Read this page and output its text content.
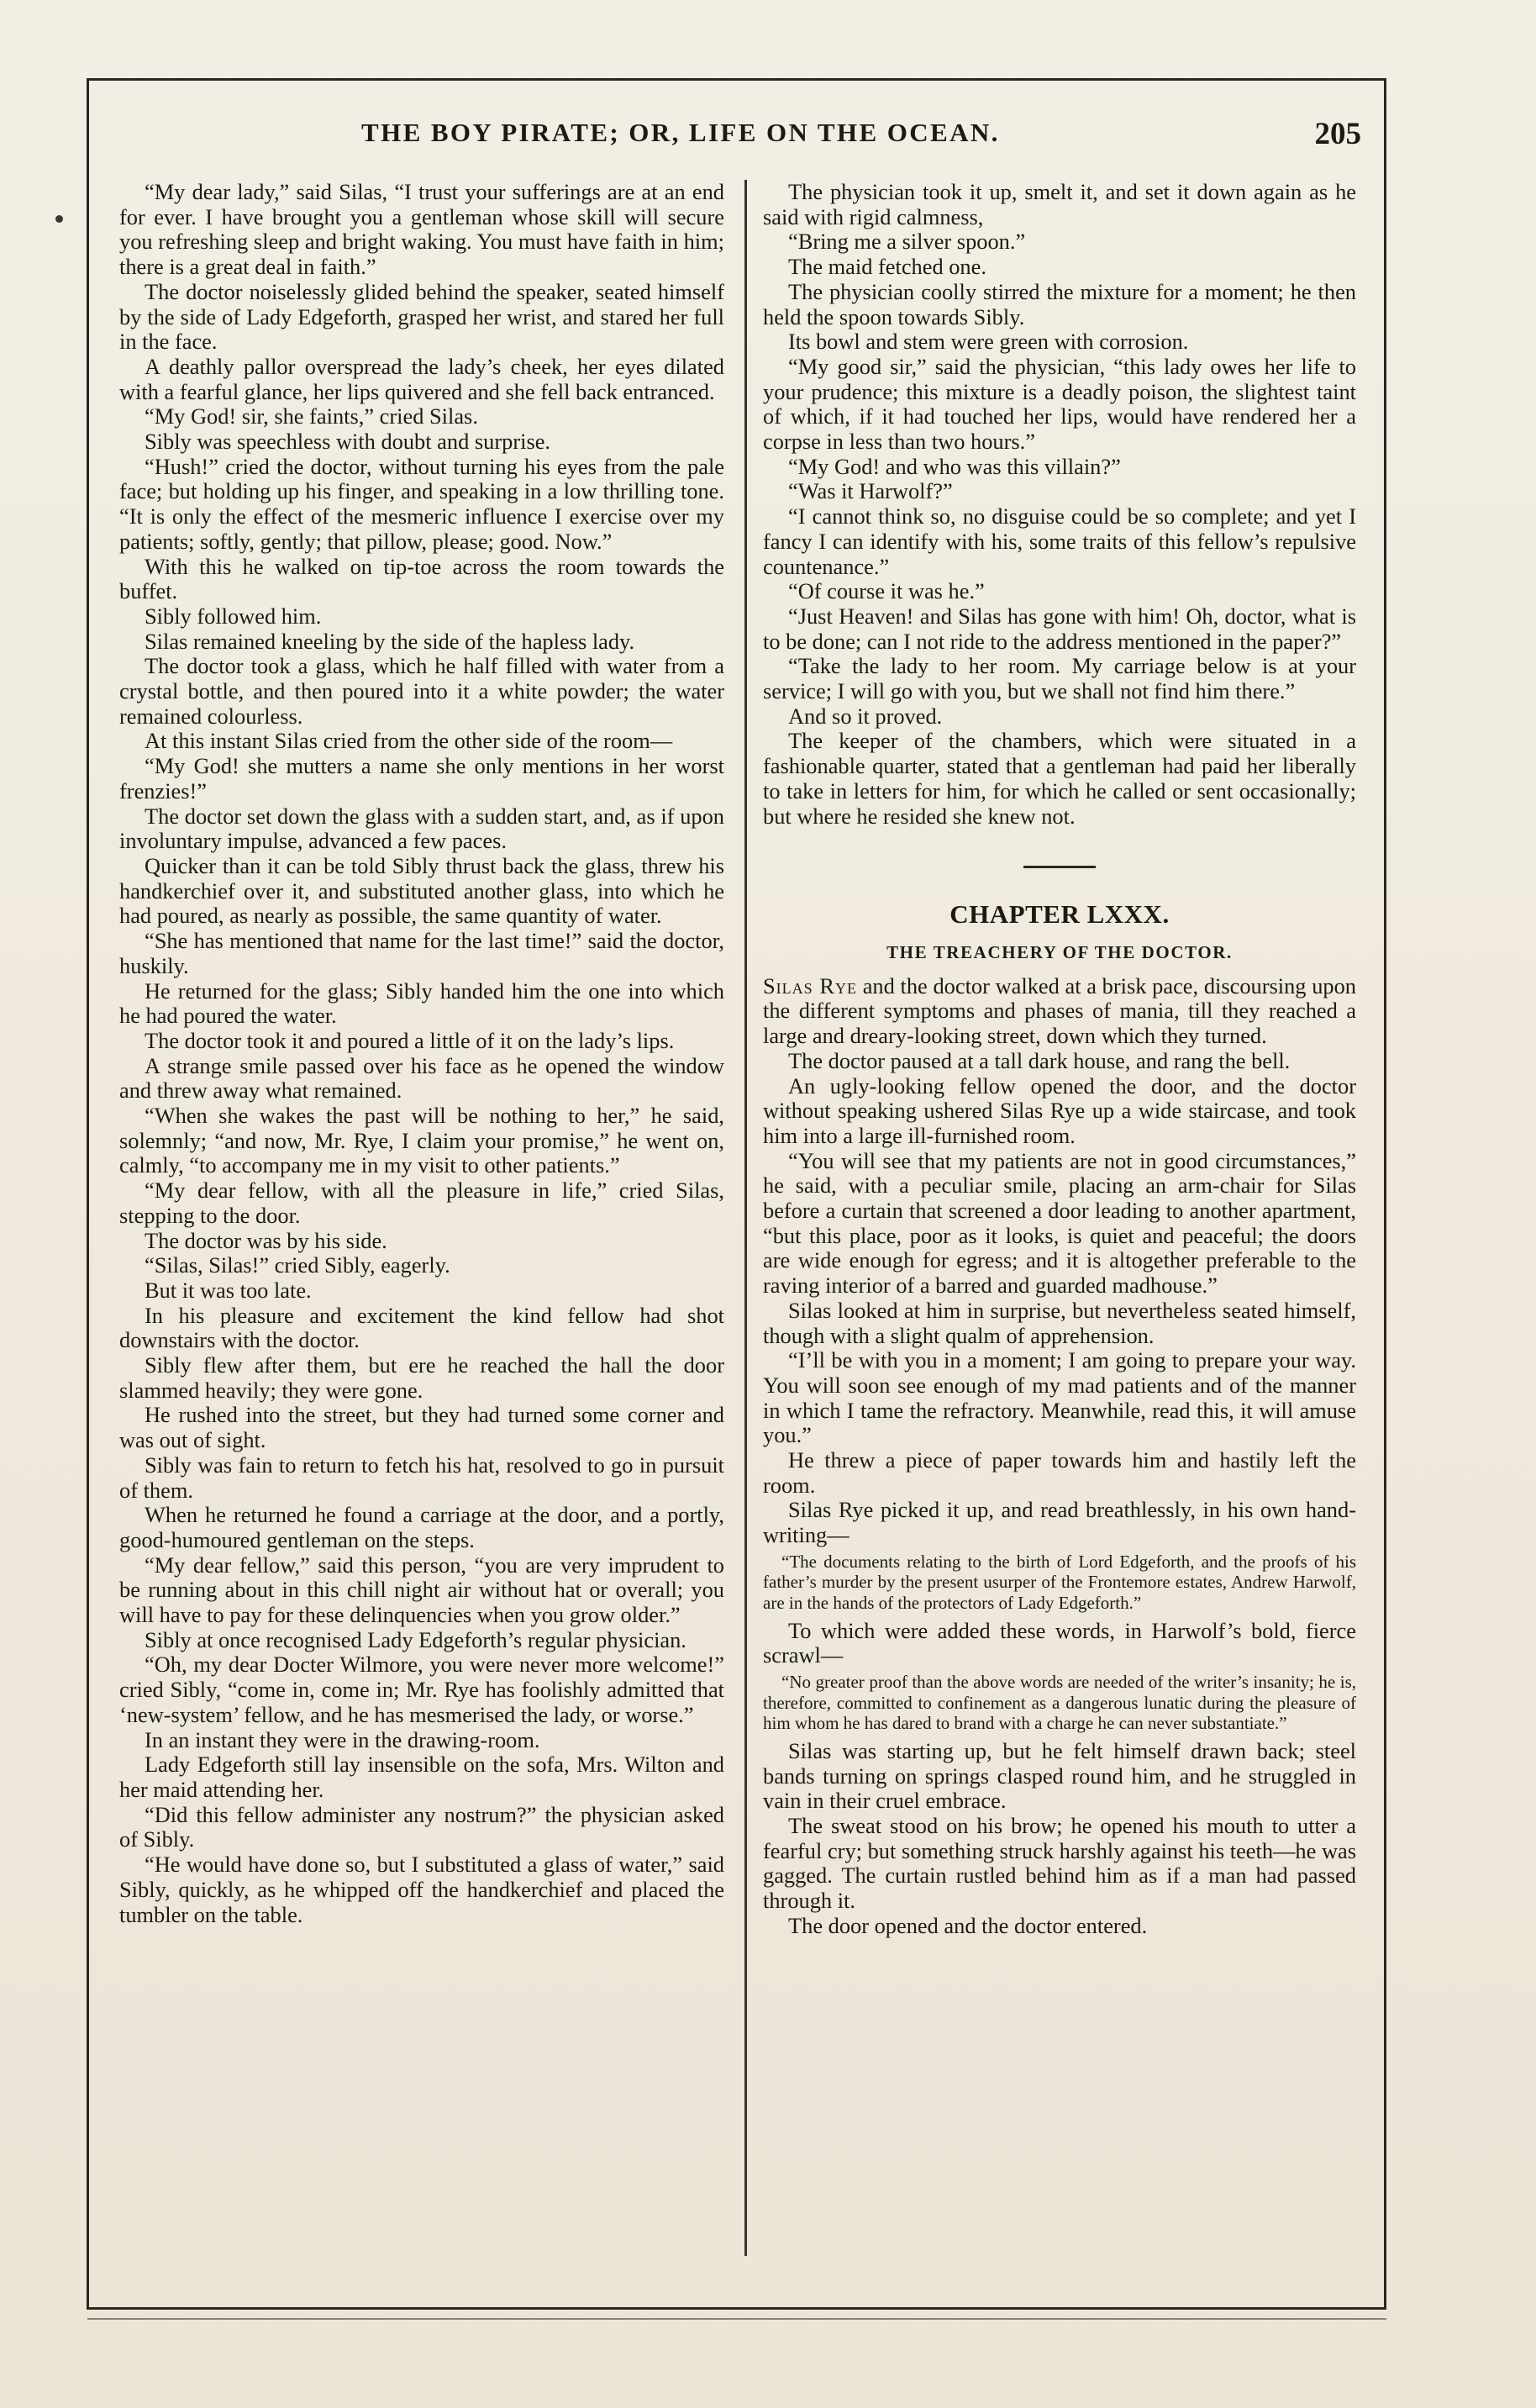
THE BOY PIRATE; OR, LIFE ON THE OCEAN.	205

“My dear lady,” said Silas, “I trust your sufferings are at an end for ever. I have brought you a gentleman whose skill will secure you refreshing sleep and bright waking. You must have faith in him; there is a great deal in faith.”

The doctor noiselessly glided behind the speaker, seated himself by the side of Lady Edgeforth, grasped her wrist, and stared her full in the face.

A deathly pallor overspread the lady’s cheek, her eyes dilated with a fearful glance, her lips quivered and she fell back entranced.

“My God! sir, she faints,” cried Silas.

Sibly was speechless with doubt and surprise.

“Hush!” cried the doctor, without turning his eyes from the pale face; but holding up his finger, and speaking in a low thrilling tone. “It is only the effect of the mesmeric influence I exercise over my patients; softly, gently; that pillow, please; good. Now.”

With this he walked on tip-toe across the room towards the buffet.

Sibly followed him.

Silas remained kneeling by the side of the hapless lady.

The doctor took a glass, which he half filled with water from a crystal bottle, and then poured into it a white powder; the water remained colourless.

At this instant Silas cried from the other side of the room—

“My God! she mutters a name she only mentions in her worst frenzies!”

The doctor set down the glass with a sudden start, and, as if upon involuntary impulse, advanced a few paces.

Quicker than it can be told Sibly thrust back the glass, threw his handkerchief over it, and substituted another glass, into which he had poured, as nearly as possible, the same quantity of water.

“She has mentioned that name for the last time!” said the doctor, huskily.

He returned for the glass; Sibly handed him the one into which he had poured the water.

The doctor took it and poured a little of it on the lady’s lips.

A strange smile passed over his face as he opened the window and threw away what remained.

“When she wakes the past will be nothing to her,” he said, solemnly; “and now, Mr. Rye, I claim your promise,” he went on, calmly, “to accompany me in my visit to other patients.”

“My dear fellow, with all the pleasure in life,” cried Silas, stepping to the door.

The doctor was by his side.

“Silas, Silas!” cried Sibly, eagerly.

But it was too late.

In his pleasure and excitement the kind fellow had shot downstairs with the doctor.

Sibly flew after them, but ere he reached the hall the door slammed heavily; they were gone.

He rushed into the street, but they had turned some corner and was out of sight.

Sibly was fain to return to fetch his hat, resolved to go in pursuit of them.

When he returned he found a carriage at the door, and a portly, good-humoured gentleman on the steps.

“My dear fellow,” said this person, “you are very imprudent to be running about in this chill night air without hat or overall; you will have to pay for these delinquencies when you grow older.”

Sibly at once recognised Lady Edgeforth’s regular physician.

“Oh, my dear Docter Wilmore, you were never more welcome!” cried Sibly, “come in, come in; Mr. Rye has foolishly admitted that ‘new-system’ fellow, and he has mesmerised the lady, or worse.”

In an instant they were in the drawing-room.

Lady Edgeforth still lay insensible on the sofa, Mrs. Wilton and her maid attending her.

“Did this fellow administer any nostrum?” the physician asked of Sibly.

“He would have done so, but I substituted a glass of water,” said Sibly, quickly, as he whipped off the handkerchief and placed the tumbler on the table.

The physician took it up, smelt it, and set it down again as he said with rigid calmness,

“Bring me a silver spoon.”

The maid fetched one.

The physician coolly stirred the mixture for a moment; he then held the spoon towards Sibly.

Its bowl and stem were green with corrosion.

“My good sir,” said the physician, “this lady owes her life to your prudence; this mixture is a deadly poison, the slightest taint of which, if it had touched her lips, would have rendered her a corpse in less than two hours.”

“My God! and who was this villain?”

“Was it Harwolf?”

“I cannot think so, no disguise could be so complete; and yet I fancy I can identify with his, some traits of this fellow’s repulsive countenance.”

“Of course it was he.”

“Just Heaven! and Silas has gone with him! Oh, doctor, what is to be done; can I not ride to the address mentioned in the paper?”

“Take the lady to her room. My carriage below is at your service; I will go with you, but we shall not find him there.”

And so it proved.

The keeper of the chambers, which were situated in a fashionable quarter, stated that a gentleman had paid her liberally to take in letters for him, for which he called or sent occasionally; but where he resided she knew not.

CHAPTER LXXX.
THE TREACHERY OF THE DOCTOR.

Silas Rye and the doctor walked at a brisk pace, discoursing upon the different symptoms and phases of mania, till they reached a large and dreary-looking street, down which they turned.

The doctor paused at a tall dark house, and rang the bell.

An ugly-looking fellow opened the door, and the doctor without speaking ushered Silas Rye up a wide staircase, and took him into a large ill-furnished room.

“You will see that my patients are not in good circumstances,” he said, with a peculiar smile, placing an arm-chair for Silas before a curtain that screened a door leading to another apartment, “but this place, poor as it looks, is quiet and peaceful; the doors are wide enough for egress; and it is altogether preferable to the raving interior of a barred and guarded madhouse.”

Silas looked at him in surprise, but nevertheless seated himself, though with a slight qualm of apprehension.

“I’ll be with you in a moment; I am going to prepare your way. You will soon see enough of my mad patients and of the manner in which I tame the refractory. Meanwhile, read this, it will amuse you.”

He threw a piece of paper towards him and hastily left the room.

Silas Rye picked it up, and read breathlessly, in his own hand-writing—

“The documents relating to the birth of Lord Edgeforth, and the proofs of his father’s murder by the present usurper of the Frontemore estates, Andrew Harwolf, are in the hands of the protectors of Lady Edgeforth.”

To which were added these words, in Harwolf’s bold, fierce scrawl—

“No greater proof than the above words are needed of the writer’s insanity; he is, therefore, committed to confinement as a dangerous lunatic during the pleasure of him whom he has dared to brand with a charge he can never substantiate.”

Silas was starting up, but he felt himself drawn back; steel bands turning on springs clasped round him, and he struggled in vain in their cruel embrace.

The sweat stood on his brow; he opened his mouth to utter a fearful cry; but something struck harshly against his teeth—he was gagged. The curtain rustled behind him as if a man had passed through it.

The door opened and the doctor entered.
